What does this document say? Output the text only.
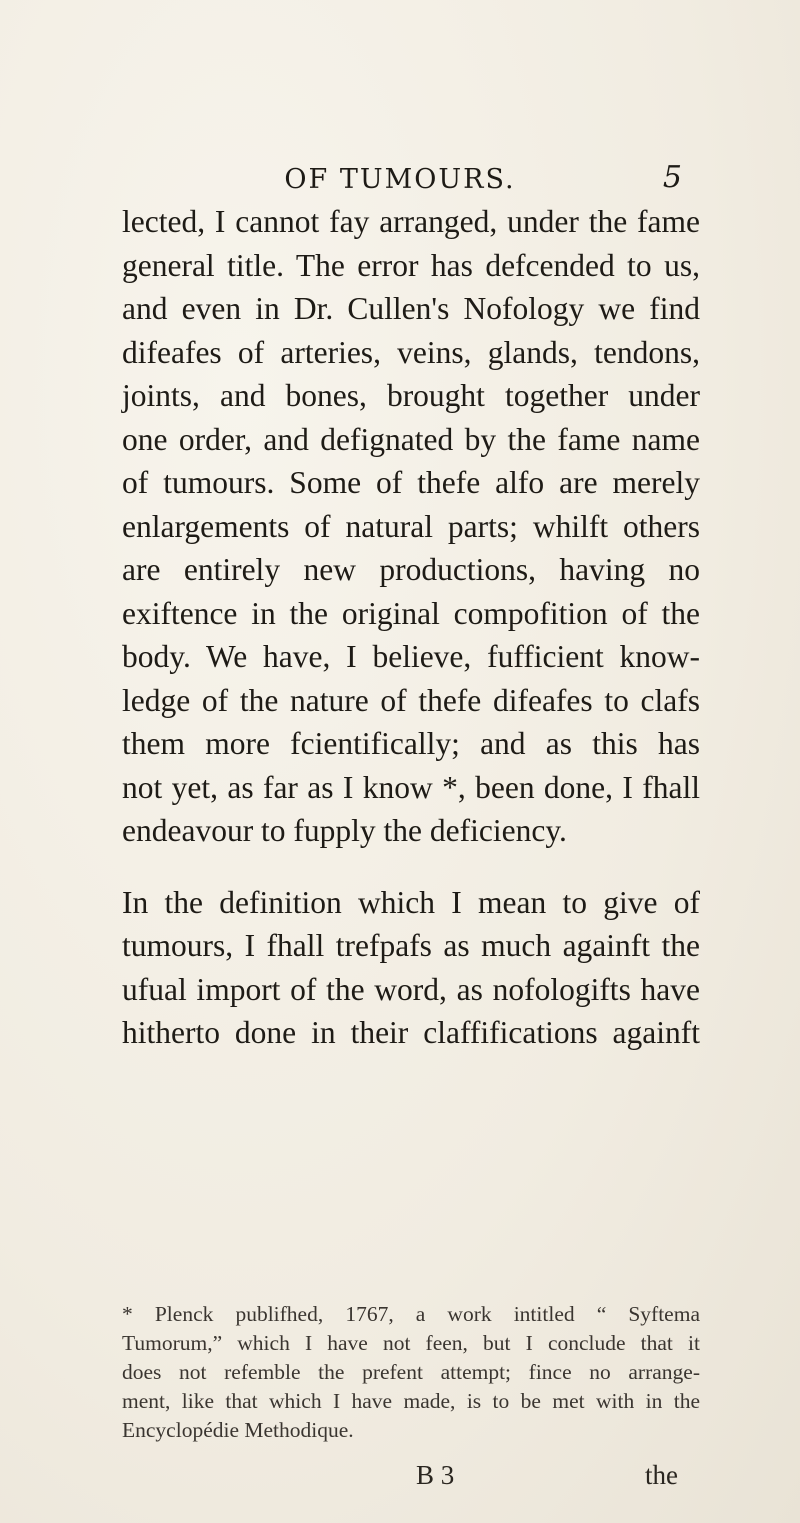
OF TUMOURS.	5
lected, I cannot fay arranged, under the fame
general title. The error has defcended to us,
and even in Dr. Cullen's Nofology we find
difeafes of arteries, veins, glands, tendons,
joints, and bones, brought together under
one order, and defignated by the fame name
of tumours. Some of thefe alfo are merely
enlargements of natural parts; whilft others
are entirely new productions, having no
exiftence in the original compofition of the
body. We have, I believe, fufficient know-
ledge of the nature of thefe difeafes to clafs
them more fcientifically; and as this has
not yet, as far as I know *, been done, I fhall
endeavour to fupply the deficiency.
In the definition which I mean to give of
tumours, I fhall trefpafs as much againft the
ufual import of the word, as nofologifts have
hitherto done in their claffifications againft
* Plenck publifhed, 1767, a work intitled “ Syftema
Tumorum,” which I have not feen, but I conclude that it
does not refemble the prefent attempt; fince no arrange-
ment, like that which I have made, is to be met with in the
Encyclopédie Methodique.
B 3	the
